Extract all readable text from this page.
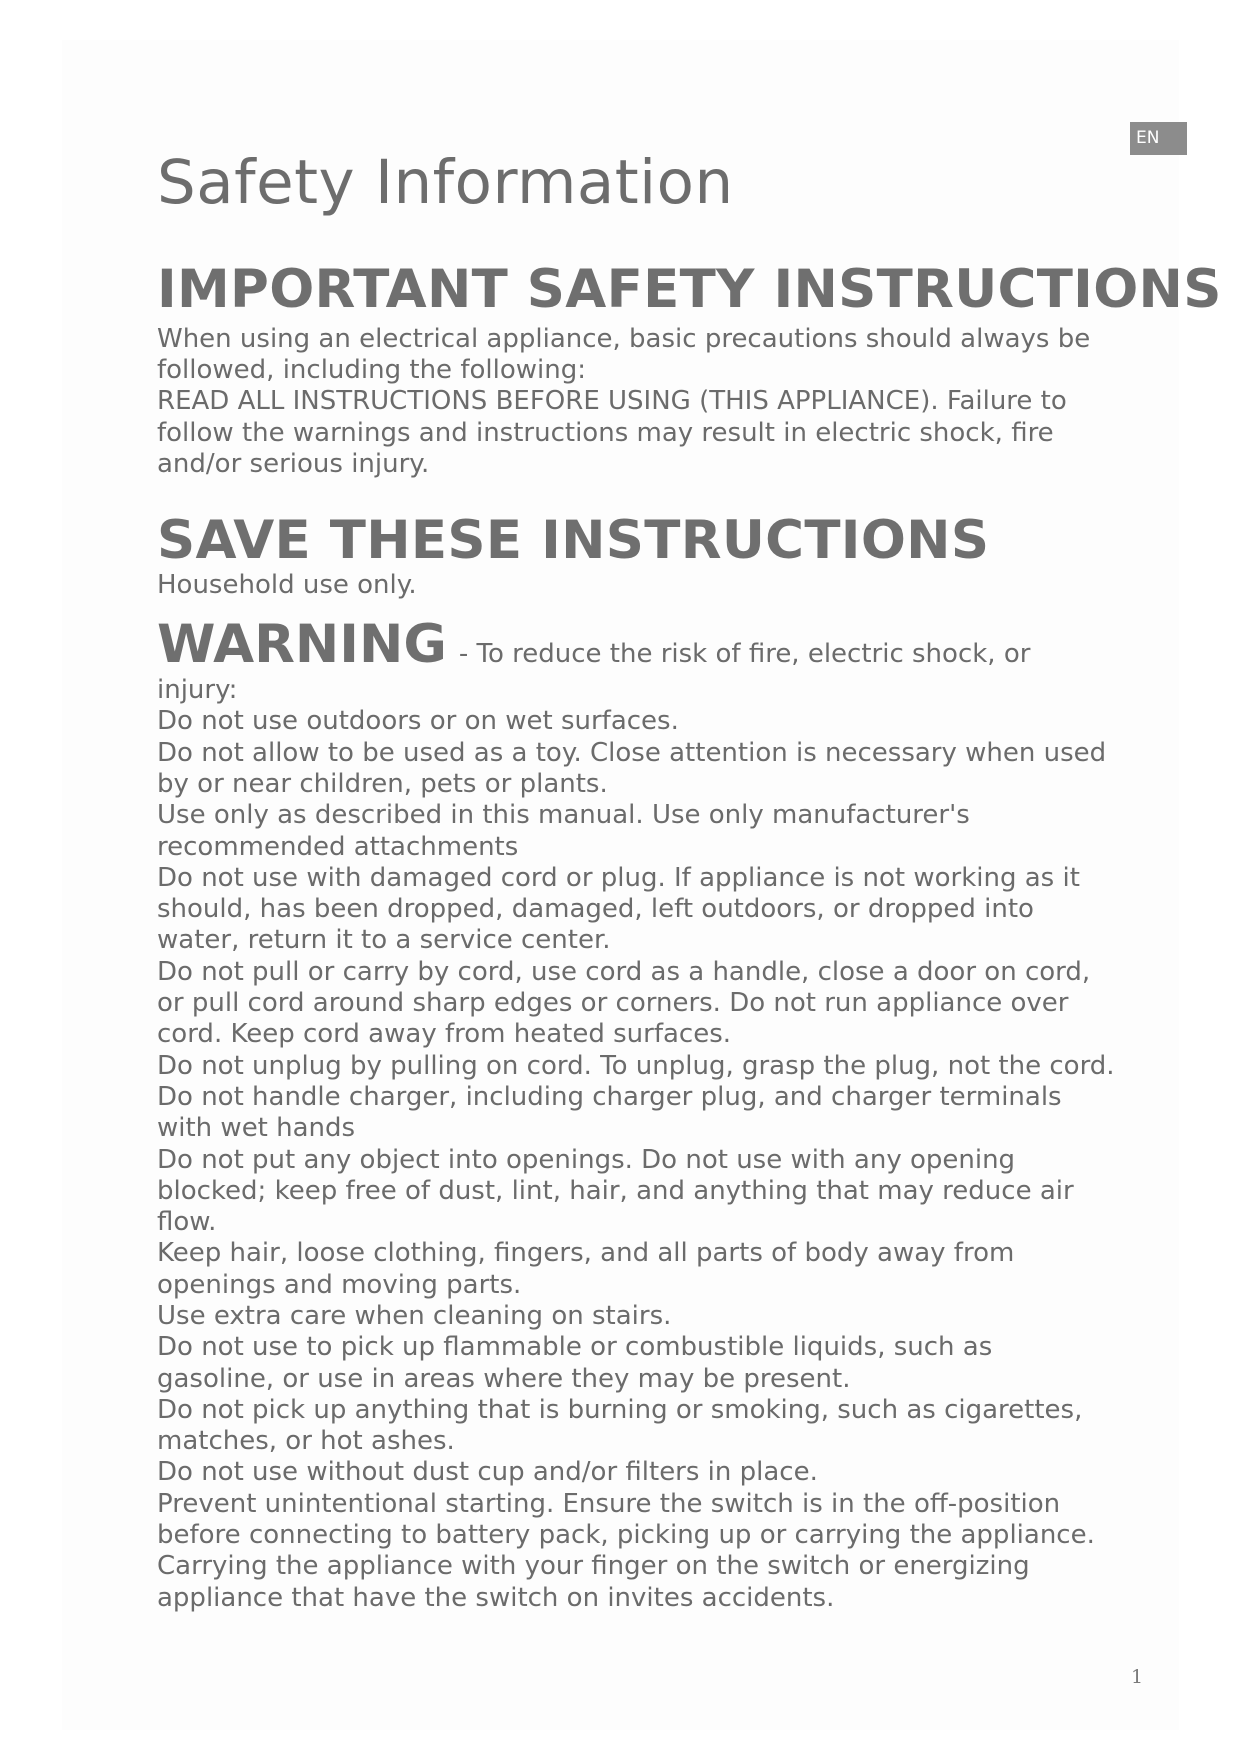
Safety Information
EN
IMPORTANT SAFETY INSTRUCTIONS

When using an electrical appliance, basic precautions should always be followed, including the following:

READ ALL INSTRUCTIONS BEFORE USING (THIS APPLIANCE). Failure to follow the warnings and instructions may result in electric shock, fire and/or serious injury.

SAVE THESE INSTRUCTIONS
Household use only.
WARNING - To reduce the risk of fire, electric shock, or
injury:

Do not use outdoors or on wet surfaces.

Do not allow to be used as a toy. Close attention is necessary when used by or near children, pets or plants.

Use only as described in this manual. Use only manufacturer's recommended attachments

Do not use with damaged cord or plug. If appliance is not working as it should, has been dropped, damaged, left outdoors, or dropped into water, return it to a service center.

Do not pull or carry by cord, use cord as a handle, close a door on cord, or pull cord around sharp edges or corners. Do not run appliance over cord. Keep cord away from heated surfaces.

Do not unplug by pulling on cord. To unplug, grasp the plug, not the cord.

Do not handle charger, including charger plug, and charger terminals with wet hands

Do not put any object into openings. Do not use with any opening blocked; keep free of dust, lint, hair, and anything that may reduce air flow.

Keep hair, loose clothing, fingers, and all parts of body away from openings and moving parts.

Use extra care when cleaning on stairs.

Do not use to pick up flammable or combustible liquids, such as gasoline, or use in areas where they may be present.

Do not pick up anything that is burning or smoking, such as cigarettes, matches, or hot ashes.

Do not use without dust cup and/or filters in place.

Prevent unintentional starting. Ensure the switch is in the off-position before connecting to battery pack, picking up or carrying the appliance. Carrying the appliance with your finger on the switch or energizing appliance that have the switch on invites accidents.

1
